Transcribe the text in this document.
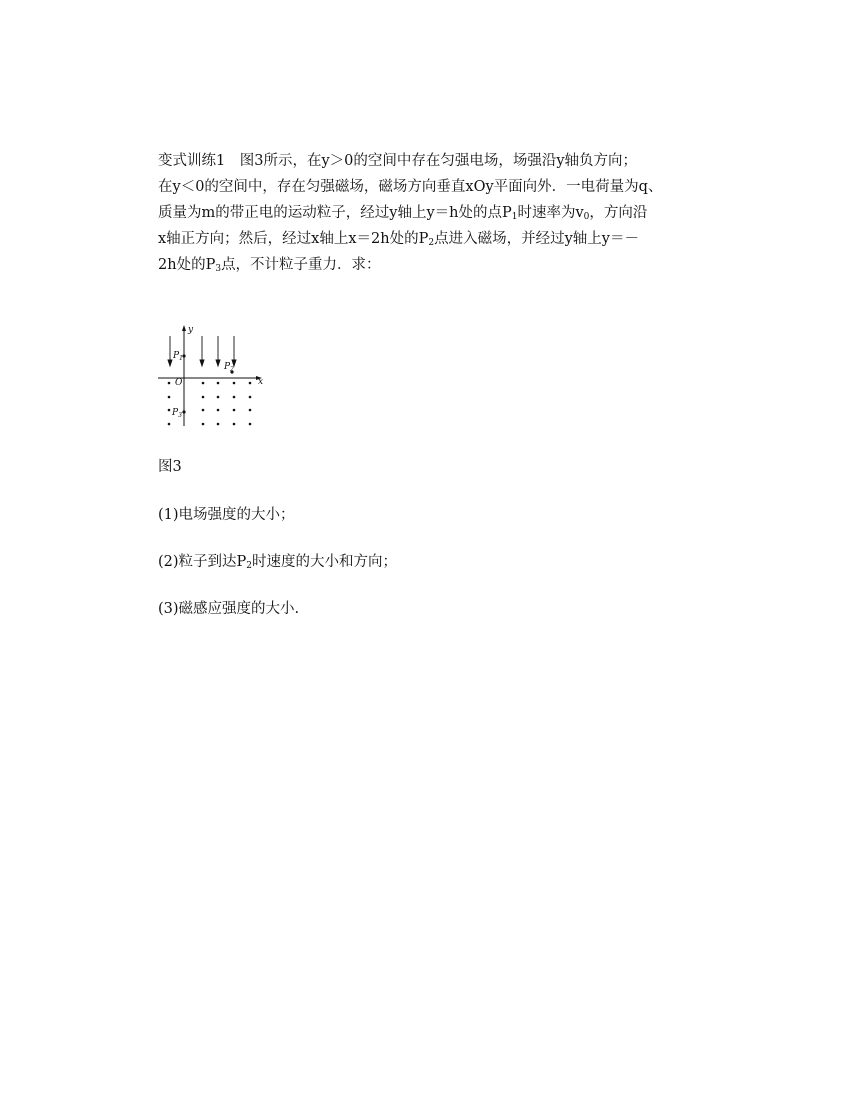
变式训练1　图3所示，在y＞0的空间中存在匀强电场，场强沿y轴负方向；
在y＜0的空间中，存在匀强磁场，磁场方向垂直xOy平面向外．一电荷量为q、
质量为m的带正电的运动粒子，经过y轴上y＝h处的点$P_1$时速率为$v_0$，方向沿
x轴正方向；然后，经过x轴上x＝2h处的$P_2$点进入磁场，并经过y轴上y＝－
2h处的$P_3$点，不计粒子重力．求：
y
x
O
$P_1$
$P_2$
$P_3$

图3

(1)电场强度的大小；

(2)粒子到达$P_2$时速度的大小和方向；

(3)磁感应强度的大小.
